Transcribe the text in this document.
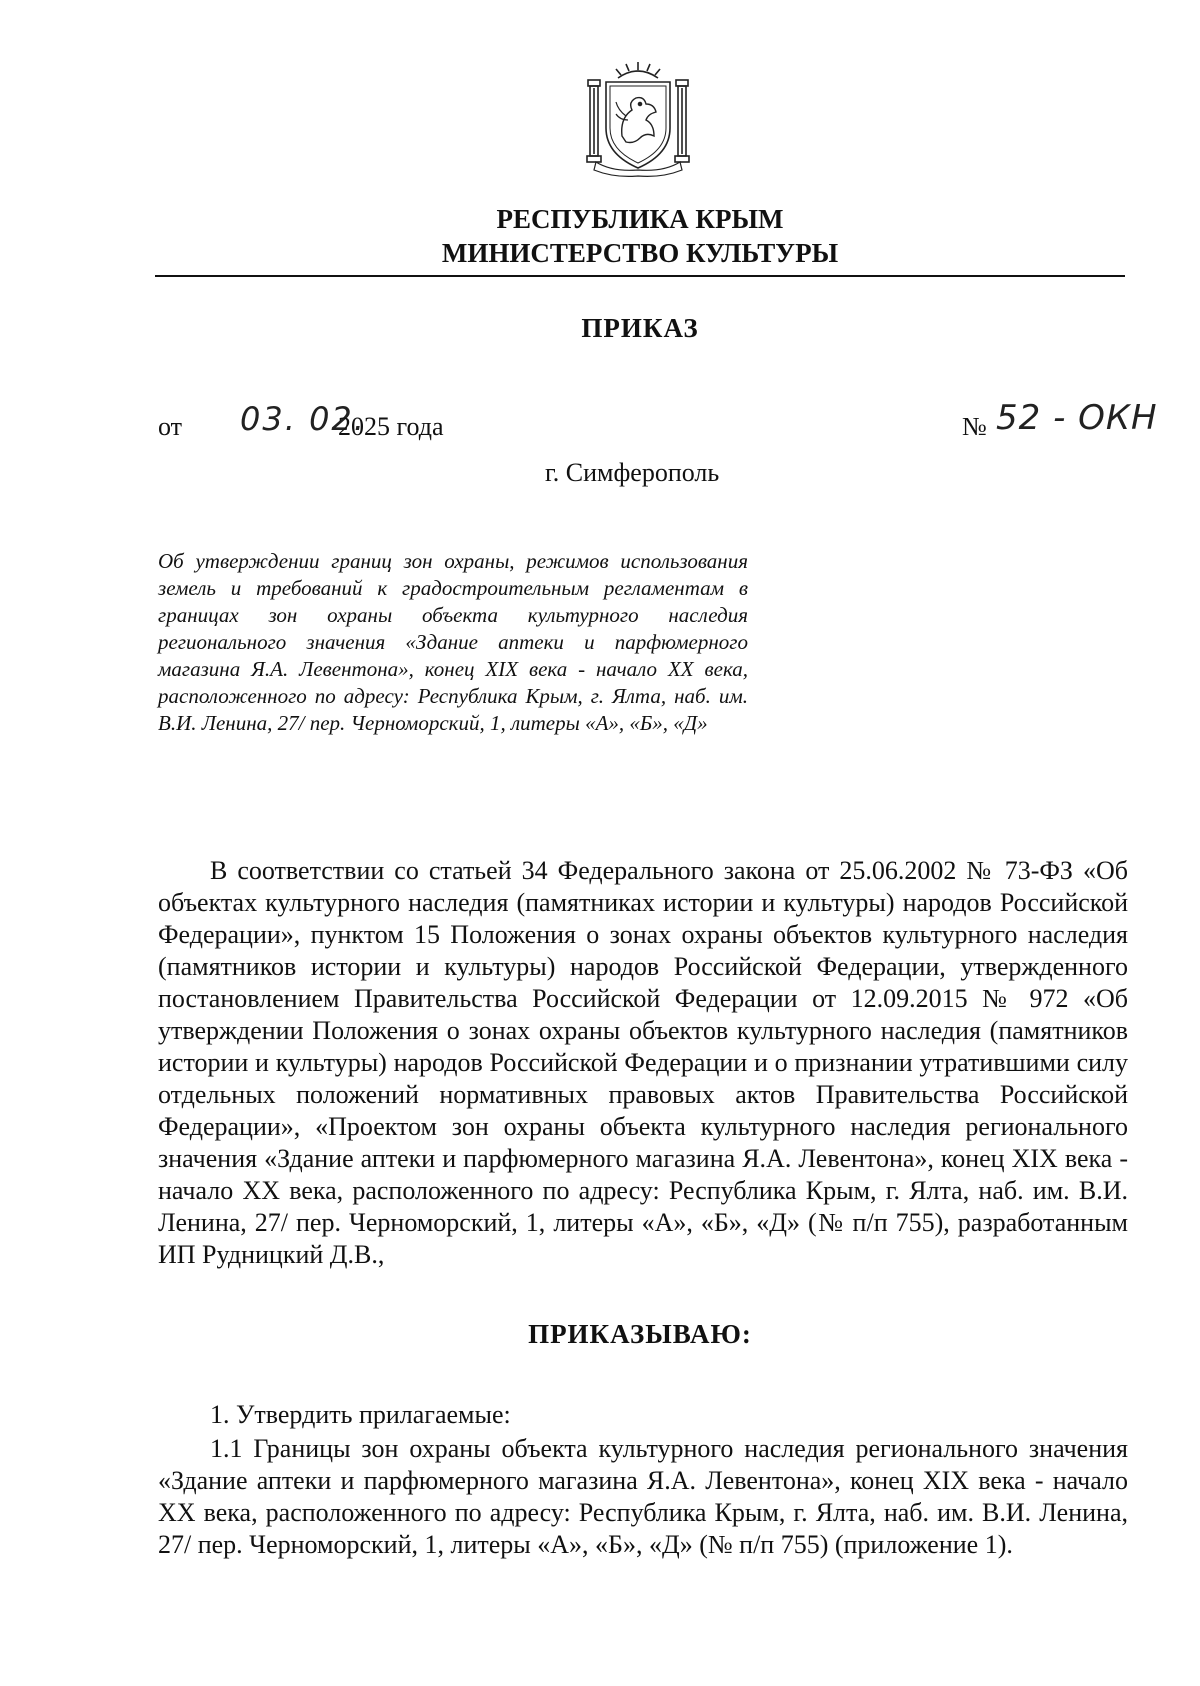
РЕСПУБЛИКА КРЫМ
МИНИСТЕРСТВО КУЛЬТУРЫ
ПРИКАЗ
от 03. 02.
2025 года	№ 52 - ОКН
г. Симферополь
Об утверждении границ зон охраны, режимов использования земель и требований к градостроительным регламентам в границах зон охраны объекта культурного наследия регионального значения «Здание аптеки и парфюмерного магазина Я.А. Левентона», конец XIX века - начало XX века, расположенного по адресу: Республика Крым, г. Ялта, наб. им. В.И. Ленина, 27/ пер. Черноморский, 1, литеры «А», «Б», «Д»

В соответствии со статьей 34 Федерального закона от 25.06.2002 № 73-ФЗ «Об объектах культурного наследия (памятниках истории и культуры) народов Российской Федерации», пунктом 15 Положения о зонах охраны объектов культурного наследия (памятников истории и культуры) народов Российской Федерации, утвержденного постановлением Правительства Российской Федерации от 12.09.2015 № 972 «Об утверждении Положения о зонах охраны объектов культурного наследия (памятников истории и культуры) народов Российской Федерации и о признании утратившими силу отдельных положений нормативных правовых актов Правительства Российской Федерации», «Проектом зон охраны объекта культурного наследия регионального значения «Здание аптеки и парфюмерного магазина Я.А. Левентона», конец XIX века - начало XX века, расположенного по адресу: Республика Крым, г. Ялта, наб. им. В.И. Ленина, 27/ пер. Черноморский, 1, литеры «А», «Б», «Д» (№ п/п 755), разработанным ИП Рудницкий Д.В.,

ПРИКАЗЫВАЮ:
1. Утвердить прилагаемые:

1.1 Границы зон охраны объекта культурного наследия регионального значения «Здание аптеки и парфюмерного магазина Я.А. Левентона», конец XIX века - начало XX века, расположенного по адресу: Республика Крым, г. Ялта, наб. им. В.И. Ленина, 27/ пер. Черноморский, 1, литеры «А», «Б», «Д» (№ п/п 755) (приложение 1).
